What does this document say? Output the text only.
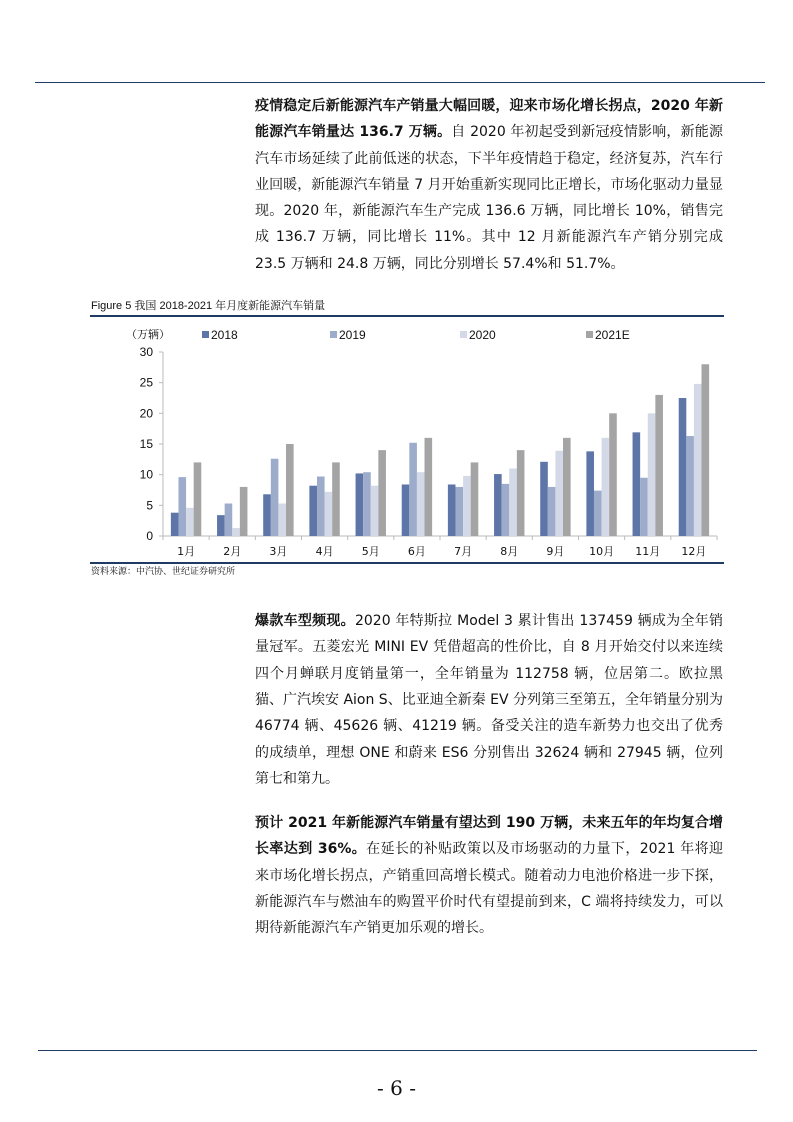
疫情稳定后新能源汽车产销量大幅回暖，迎来市场化增长拐点，2020 年新能源汽车销量达 136.7 万辆。自 2020 年初起受到新冠疫情影响，新能源汽车市场延续了此前低迷的状态，下半年疫情趋于稳定，经济复苏，汽车行业回暖，新能源汽车销量 7 月开始重新实现同比正增长，市场化驱动力量显现。2020 年，新能源汽车生产完成 136.6 万辆，同比增长 10%，销售完成 136.7 万辆，同比增长 11%。其中 12 月新能源汽车产销分别完成 23.5 万辆和 24.8 万辆，同比分别增长 57.4%和 51.7%。
Figure 5 我国 2018-2021 年月度新能源汽车销量
0
5
10
15
20
25
30
（万辆）
1月	2月	3月	4月	5月	6月	7月	8月	9月 10月 11月 12月
2018	2019	2020	2021E
资料来源：中汽协、世纪证券研究所
爆款车型频现。2020 年特斯拉 Model 3 累计售出 137459 辆成为全年销量冠军。五菱宏光 MINI EV 凭借超高的性价比，自 8 月开始交付以来连续四个月蝉联月度销量第一，全年销量为 112758 辆，位居第二。欧拉黑猫、广汽埃安 Aion S、比亚迪全新秦 EV 分列第三至第五，全年销量分别为 46774 辆、45626 辆、41219 辆。备受关注的造车新势力也交出了优秀的成绩单，理想 ONE 和蔚来 ES6 分别售出 32624 辆和 27945 辆，位列第七和第九。
预计 2021 年新能源汽车销量有望达到 190 万辆，未来五年的年均复合增长率达到 36%。在延长的补贴政策以及市场驱动的力量下，2021 年将迎来市场化增长拐点，产销重回高增长模式。随着动力电池价格进一步下探，新能源汽车与燃油车的购置平价时代有望提前到来，C 端将持续发力，可以期待新能源汽车产销更加乐观的增长。
- 6 -
